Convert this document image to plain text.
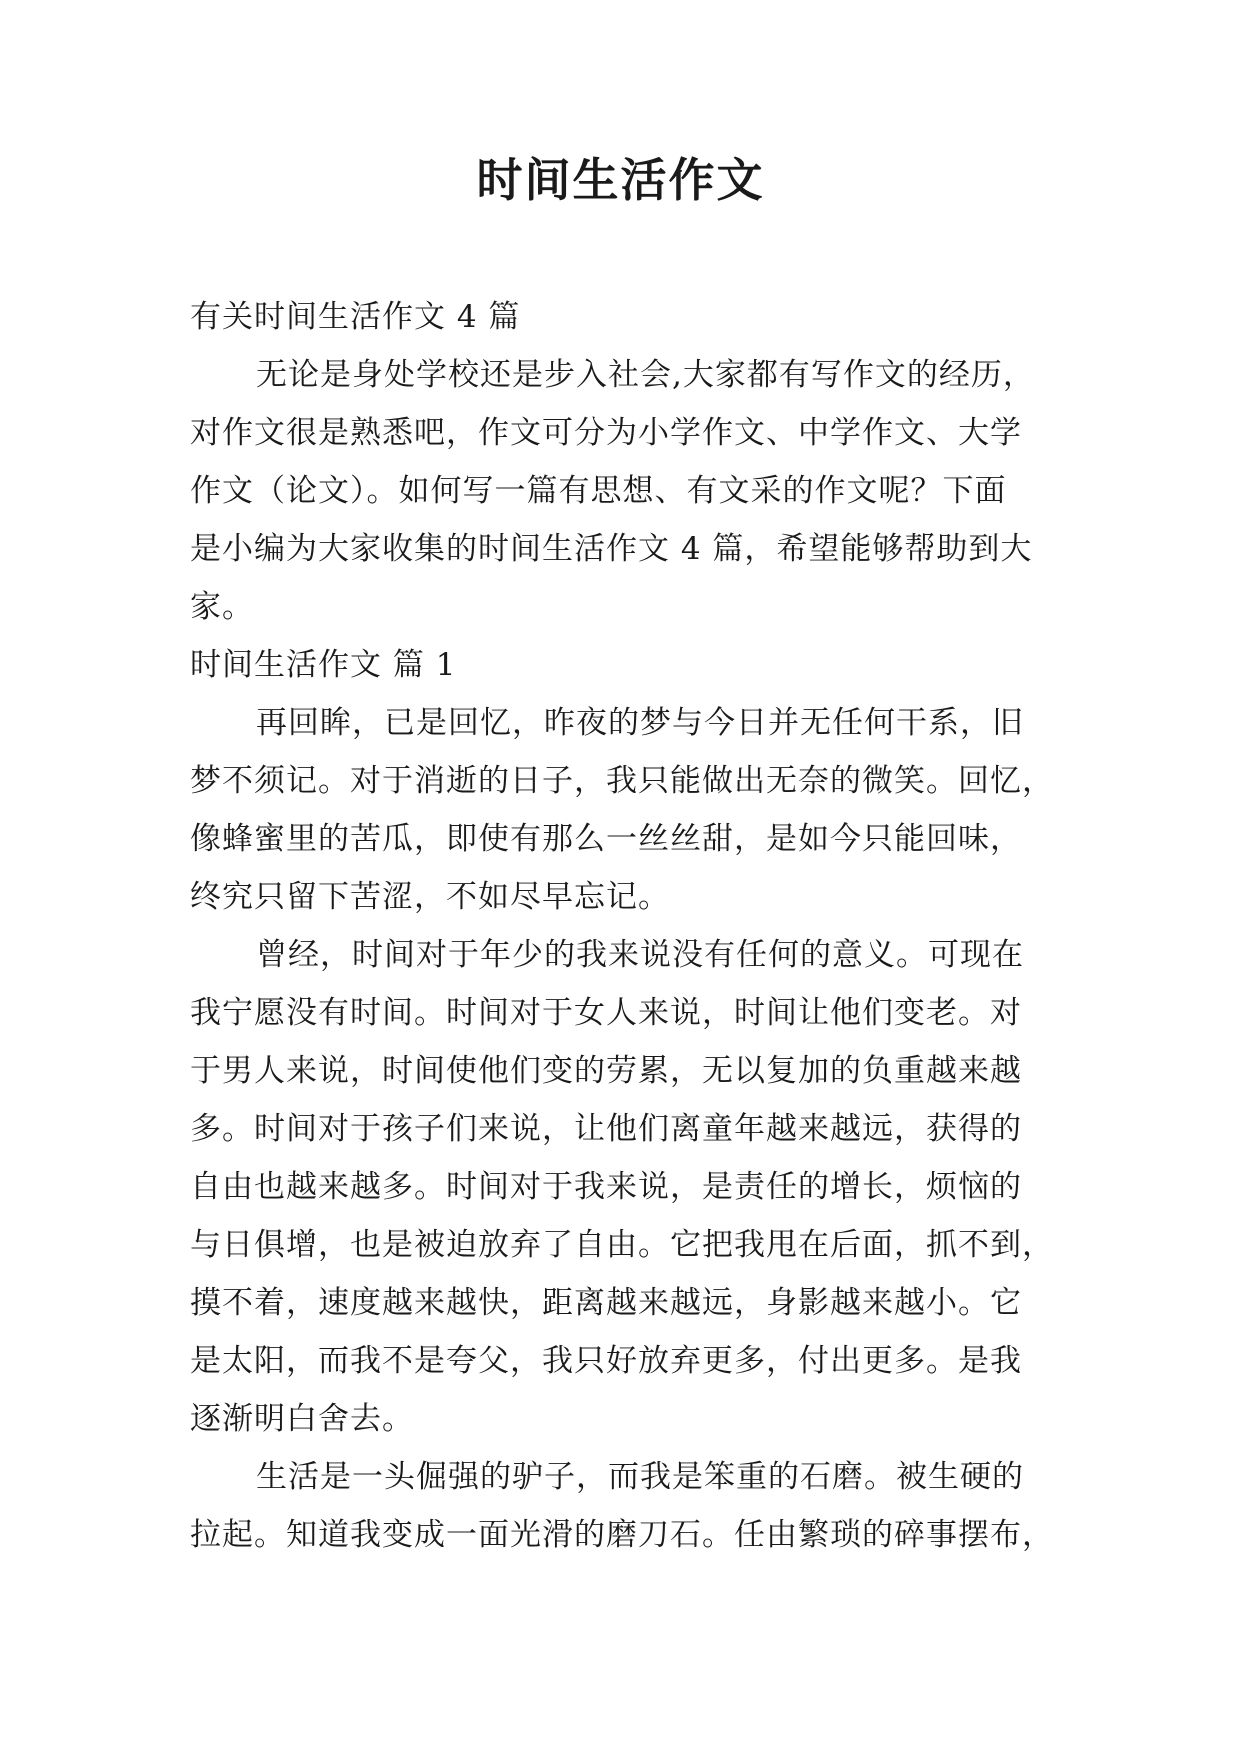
时间生活作文
有关时间生活作文 4 篇
无论是身处学校还是步入社会,大家都有写作文的经历，
对作文很是熟悉吧，作文可分为小学作文、中学作文、大学
作文（论文）。如何写一篇有思想、有文采的作文呢？下面
是小编为大家收集的时间生活作文 4 篇，希望能够帮助到大
家。
时间生活作文 篇 1
再回眸，已是回忆，昨夜的梦与今日并无任何干系，旧
梦不须记。对于消逝的日子，我只能做出无奈的微笑。回忆，
像蜂蜜里的苦瓜，即使有那么一丝丝甜，是如今只能回味，
终究只留下苦涩，不如尽早忘记。
曾经，时间对于年少的我来说没有任何的意义。可现在
我宁愿没有时间。时间对于女人来说，时间让他们变老。对
于男人来说，时间使他们变的劳累，无以复加的负重越来越
多。时间对于孩子们来说，让他们离童年越来越远，获得的
自由也越来越多。时间对于我来说，是责任的增长，烦恼的
与日俱增，也是被迫放弃了自由。它把我甩在后面，抓不到，
摸不着，速度越来越快，距离越来越远，身影越来越小。它
是太阳，而我不是夸父，我只好放弃更多，付出更多。是我
逐渐明白舍去。
生活是一头倔强的驴子，而我是笨重的石磨。被生硬的
拉起。知道我变成一面光滑的磨刀石。任由繁琐的碎事摆布，
